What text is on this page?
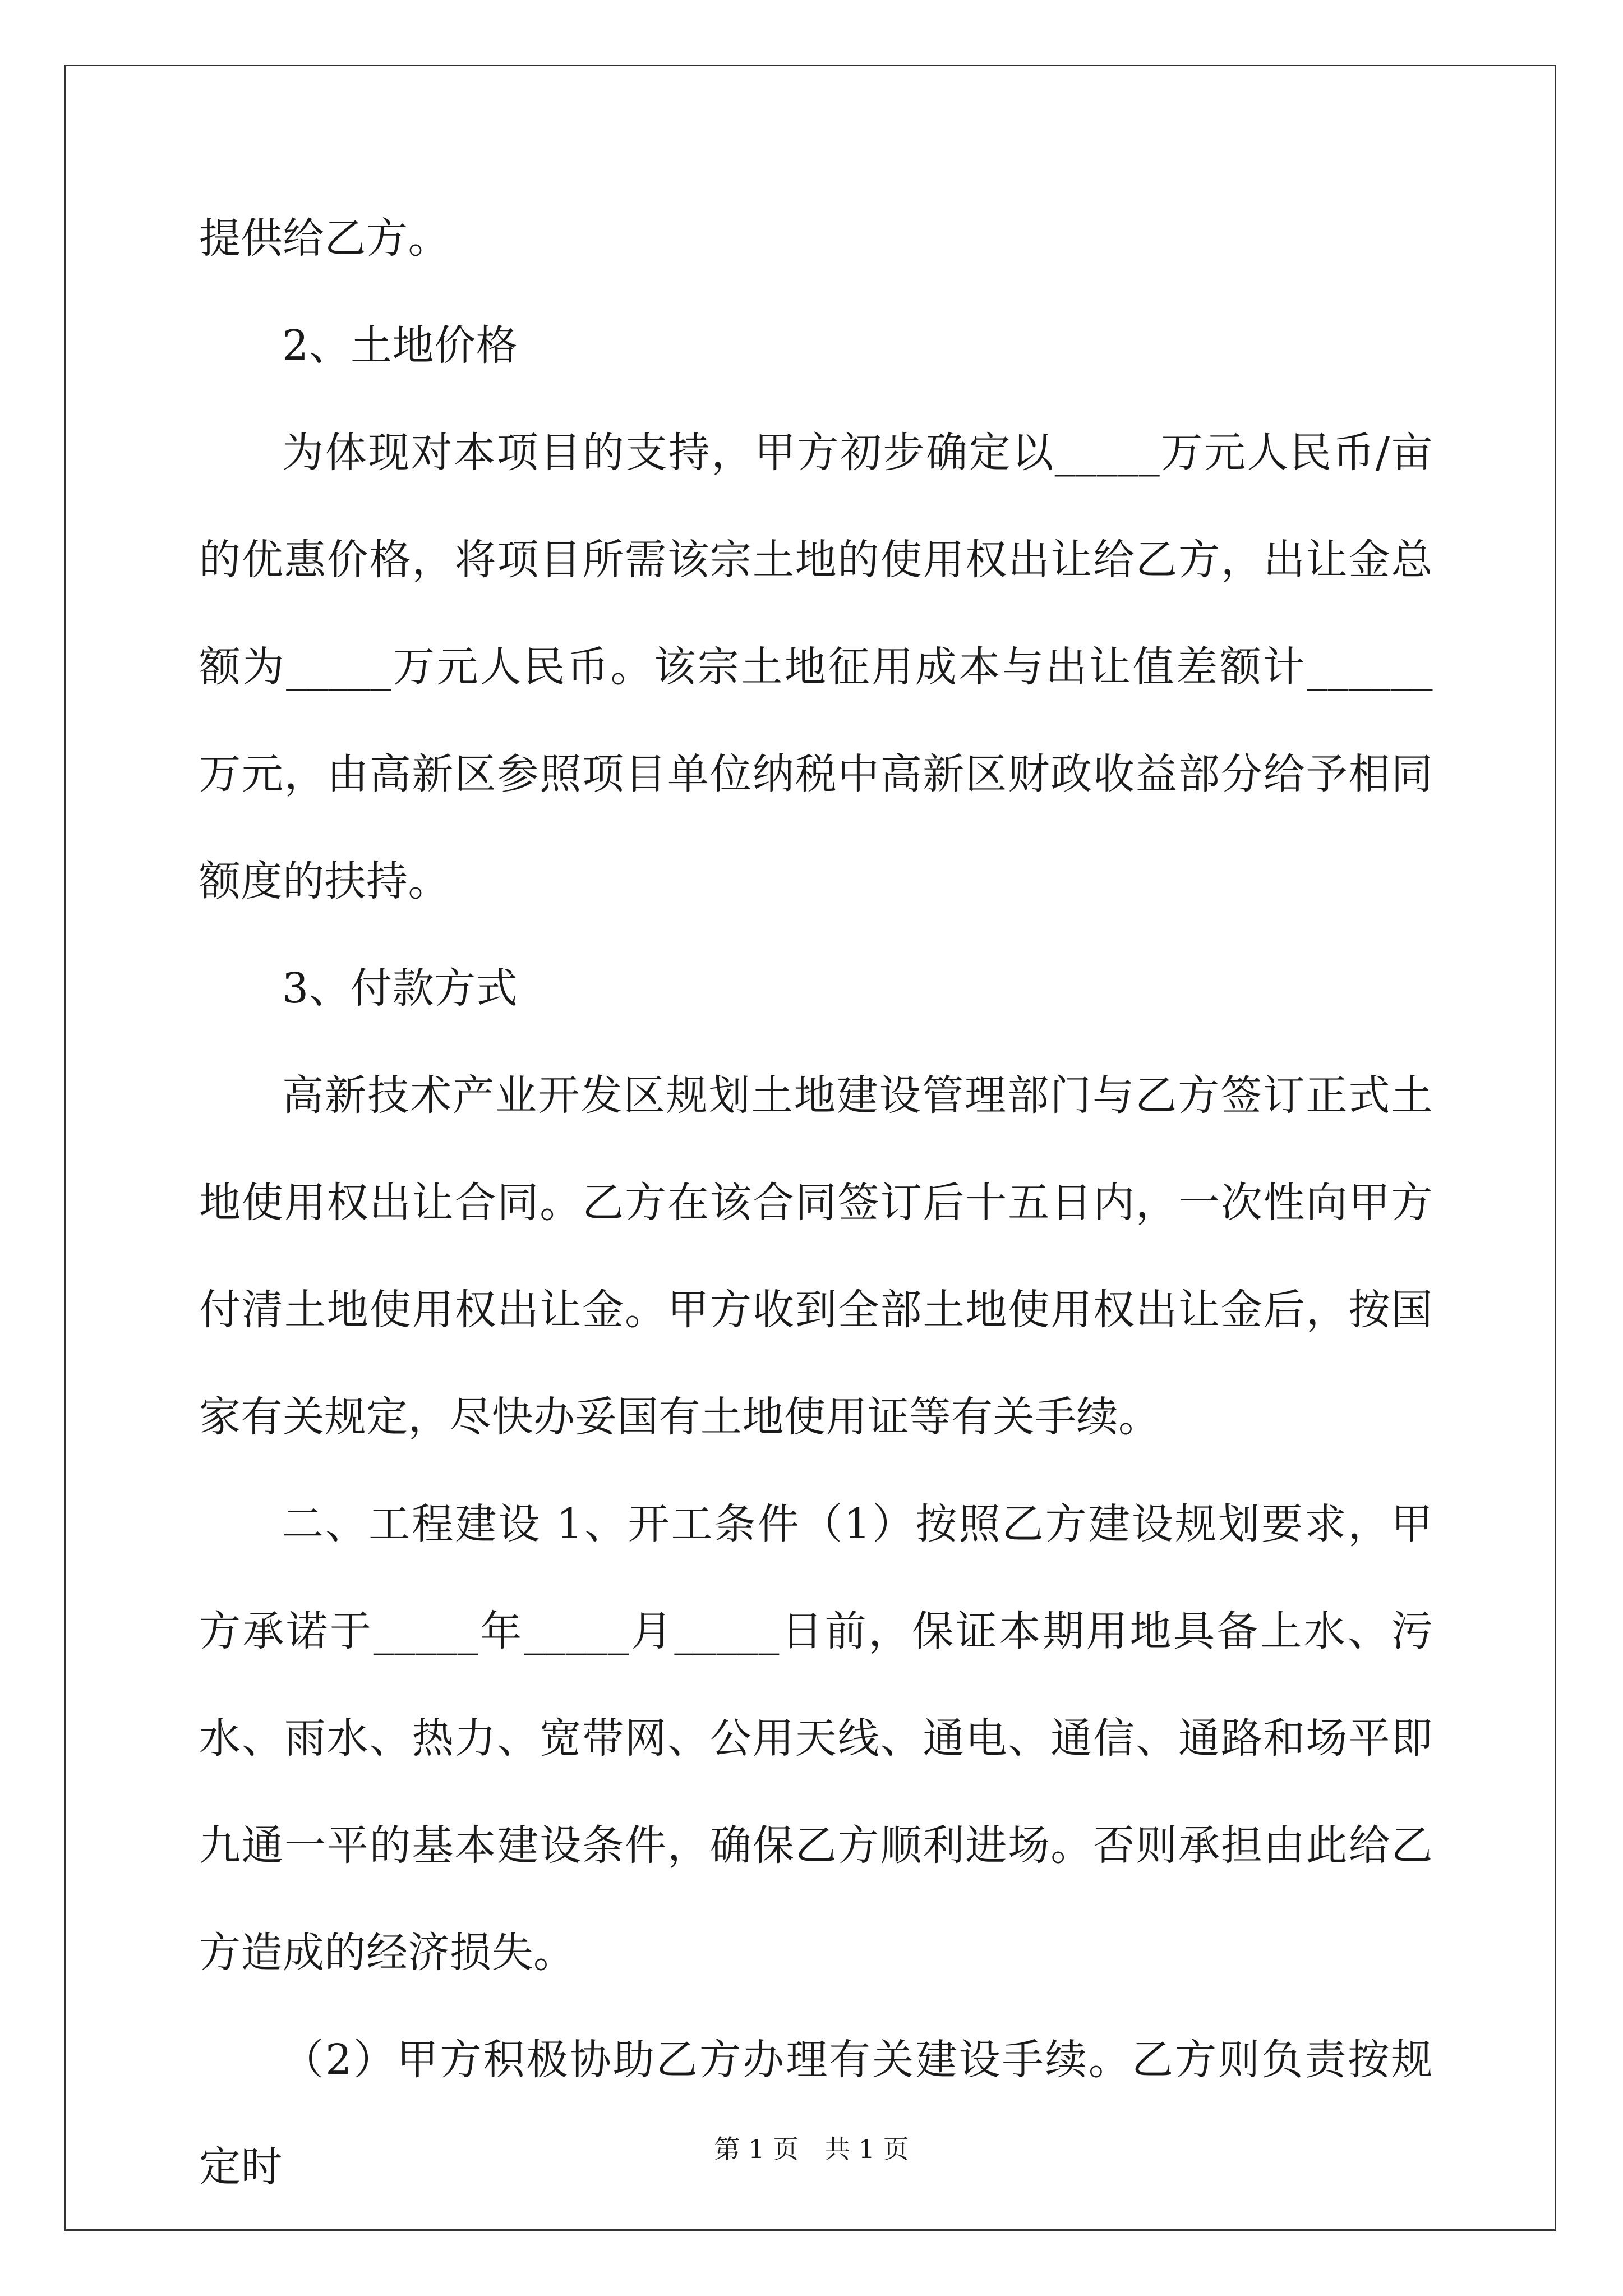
提供给乙方。

2、土地价格

为体现对本项目的支持，甲方初步确定以_____万元人民币/亩的优惠价格，将项目所需该宗土地的使用权出让给乙方，出让金总额为_____万元人民币。该宗土地征用成本与出让值差额计______万元，由高新区参照项目单位纳税中高新区财政收益部分给予相同额度的扶持。

3、付款方式

高新技术产业开发区规划土地建设管理部门与乙方签订正式土地使用权出让合同。乙方在该合同签订后十五日内，一次性向甲方付清土地使用权出让金。甲方收到全部土地使用权出让金后，按国家有关规定，尽快办妥国有土地使用证等有关手续。

二、工程建设 1、开工条件（1）按照乙方建设规划要求，甲方承诺于_____年_____月_____日前，保证本期用地具备上水、污水、雨水、热力、宽带网、公用天线、通电、通信、通路和场平即九通一平的基本建设条件，确保乙方顺利进场。否则承担由此给乙方造成的经济损失。

（2）甲方积极协助乙方办理有关建设手续。乙方则负责按规定时	第 1 页　共 1 页
